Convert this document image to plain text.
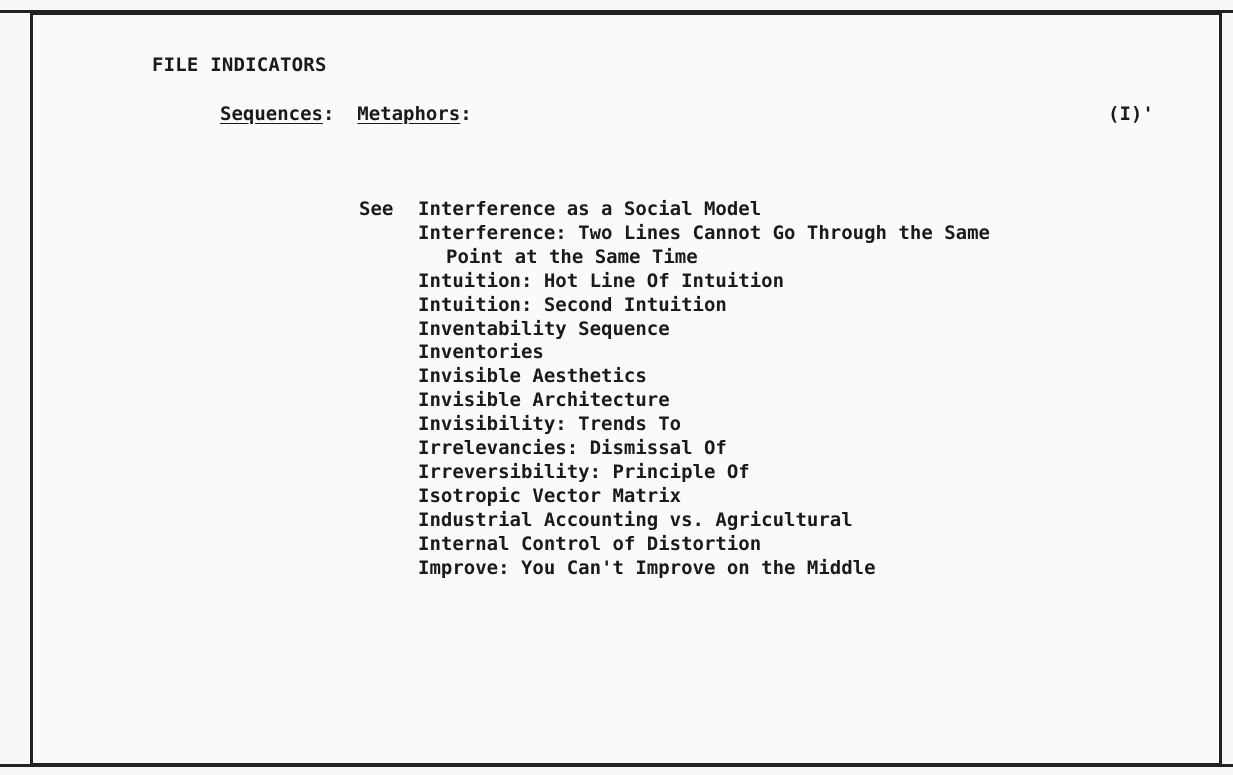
FILE INDICATORS
Sequences: Metaphors:	(I)'
See Interference as a Social Model
Interference: Two Lines Cannot Go Through the Same
Point at the Same Time
Intuition: Hot Line Of Intuition
Intuition: Second Intuition
Inventability Sequence
Inventories
Invisible Aesthetics
Invisible Architecture
Invisibility: Trends To
Irrelevancies: Dismissal Of
Irreversibility: Principle Of
Isotropic Vector Matrix
Industrial Accounting vs. Agricultural
Internal Control of Distortion
Improve: You Can't Improve on the Middle
